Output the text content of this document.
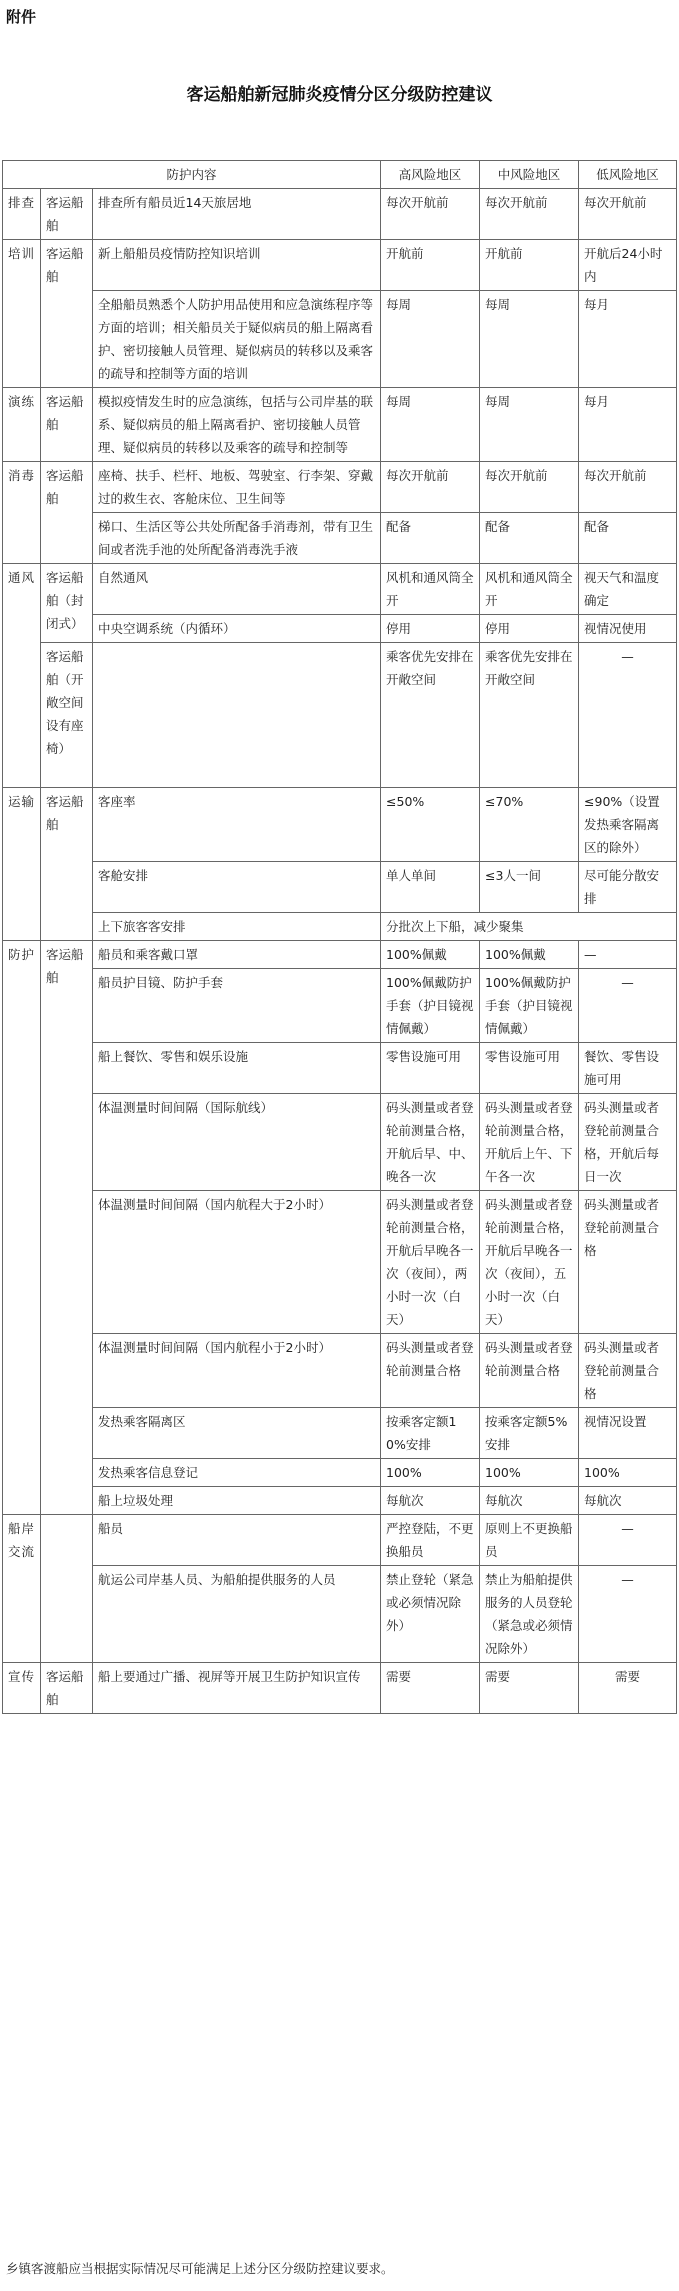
附件
客运船舶新冠肺炎疫情分区分级防控建议
防护内容			高风险地区	中风险地区	低风险地区
排查	客运船舶	排查所有船员近14天旅居地	每次开航前	每次开航前	每次开航前
培训	客运船舶	新上船船员疫情防控知识培训	开航前	开航前	开航后24小时内
		全船船员熟悉个人防护用品使用和应急演练程序等方面的培训；相关船员关于疑似病员的船上隔离看护、密切接触人员管理、疑似病员的转移以及乘客的疏导和控制等方面的培训	每周	每周	每月
演练	客运船舶	模拟疫情发生时的应急演练，包括与公司岸基的联系、疑似病员的船上隔离看护、密切接触人员管理、疑似病员的转移以及乘客的疏导和控制等	每周	每周	每月
消毒	客运船舶	座椅、扶手、栏杆、地板、驾驶室、行李架、穿戴过的救生衣、客舱床位、卫生间等	每次开航前	每次开航前	每次开航前
		梯口、生活区等公共处所配备手消毒剂，带有卫生间或者洗手池的处所配备消毒洗手液	配备	配备	配备
通风	客运船舶（封闭式）	自然通风	风机和通风筒全开	风机和通风筒全开	视天气和温度确定
		中央空调系统（内循环）	停用	停用	视情况使用
	客运船舶（开敞空间设有座椅）		乘客优先安排在开敞空间	乘客优先安排在开敞空间	—
运输	客运船舶	客座率	≤50%	≤70%	≤90%（设置发热乘客隔离区的除外）
		客舱安排	单人单间	≤3人一间	尽可能分散安排
		上下旅客客安排	分批次上下船，减少聚集		
防护	客运船舶	船员和乘客戴口罩	100%佩戴	100%佩戴	—
		船员护目镜、防护手套	100%佩戴防护手套（护目镜视情佩戴）	100%佩戴防护手套（护目镜视情佩戴）	—
		船上餐饮、零售和娱乐设施	零售设施可用	零售设施可用	餐饮、零售设施可用
		体温测量时间间隔（国际航线）	码头测量或者登轮前测量合格，开航后早、中、晚各一次	码头测量或者登轮前测量合格，开航后上午、下午各一次	码头测量或者登轮前测量合格，开航后每日一次
		体温测量时间间隔（国内航程大于2小时）	码头测量或者登轮前测量合格，开航后早晚各一次（夜间），两小时一次（白天）	码头测量或者登轮前测量合格，开航后早晚各一次（夜间），五小时一次（白天）	码头测量或者登轮前测量合格
		体温测量时间间隔（国内航程小于2小时）	码头测量或者登轮前测量合格	码头测量或者登轮前测量合格	码头测量或者登轮前测量合格
		发热乘客隔离区	按乘客定额10%安排	按乘客定额5%安排	视情况设置
		发热乘客信息登记	100%	100%	100%
		船上垃圾处理	每航次	每航次	每航次
船岸交流		船员	严控登陆，不更换船员	原则上不更换船员	—
		航运公司岸基人员、为船舶提供服务的人员	禁止登轮（紧急或必须情况除外）	禁止为船舶提供服务的人员登轮（紧急或必须情况除外）	—
宣传	客运船舶	船上要通过广播、视屏等开展卫生防护知识宣传	需要	需要	需要
乡镇客渡船应当根据实际情况尽可能满足上述分区分级防控建议要求。
